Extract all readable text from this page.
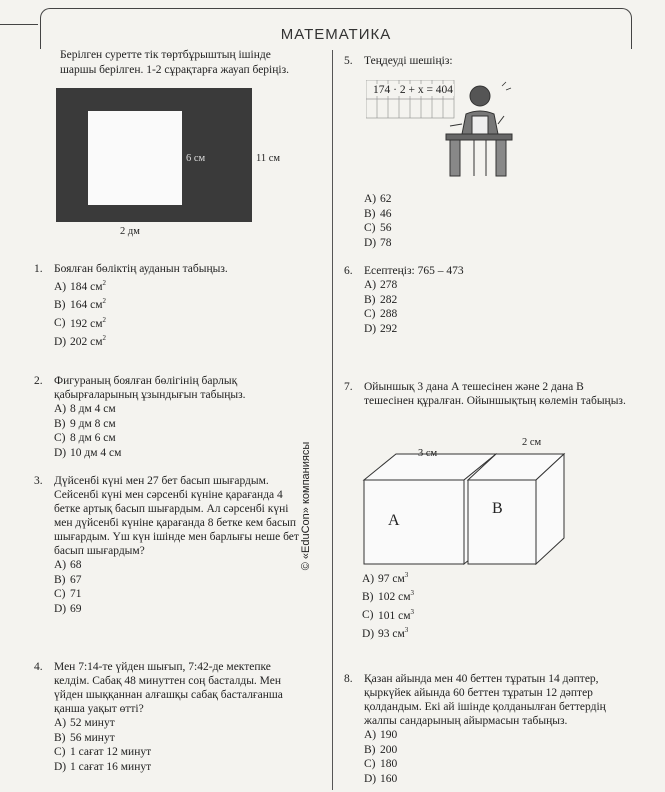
МАТЕМАТИКА
© «EduCon» компаниясы
Берілген суретте тік төртбұрыштың ішінде шаршы берілген. 1-2 сұрақтарға жауап беріңіз.
6 см	11 см
2 дм
1. Боялған бөліктің ауданын табыңыз.
A) 184 $см^2$
B) 164 $см^2$
C) 192 $см^2$
D) 202 $см^2$
2. Фигураның боялған бөлігінің барлық қабырғаларының ұзындығын табыңыз.
A) 8 дм 4 см
B) 9 дм 8 см
C) 8 дм 6 см
D) 10 дм 4 см
3. Дүйсенбі күні мен 27 бет басып шығардым. Сейсенбі күні мен сәрсенбі күніне қарағанда 4 бетке артық басып шығардым. Ал сәрсенбі күні мен дүйсенбі күніне қарағанда 8 бетке кем басып шығардым. Үш күн ішінде мен барлығы неше бет басып шығардым?
A) 68
B) 67
C) 71
D) 69
4. Мен 7:14-те үйден шығып, 7:42-де мектепке келдім. Сабақ 48 минуттен соң басталды. Мен үйден шыққаннан алғашқы сабақ басталғанша қанша уақыт өтті?
A) 52 минут
B) 56 минут
C) 1 сағат 12 минут
D) 1 сағат 16 минут
5. Теңдеуді шешіңіз:
174 · 2 + x = 404
A) 62
B) 46
C) 56
D) 78
6. Есептеңіз: 765 – 473
A) 278
B) 282
C) 288
D) 292
7. Ойыншық 3 дана А тешесінен және 2 дана В тешесінен құралған. Ойыншықтың көлемін табыңыз.
3 см
2 см
A
B
A) 97 $см^3$
B) 102 $см^3$
C) 101 $см^3$
D) 93 $см^3$
8. Қазан айында мен 40 беттен тұратын 14 дәптер, қыркүйек айында 60 беттен тұратын 12 дәптер қолдандым. Екі ай ішінде қолданылған беттердің жалпы сандарының айырмасын табыңыз.
A) 190
B) 200
C) 180
D) 160
